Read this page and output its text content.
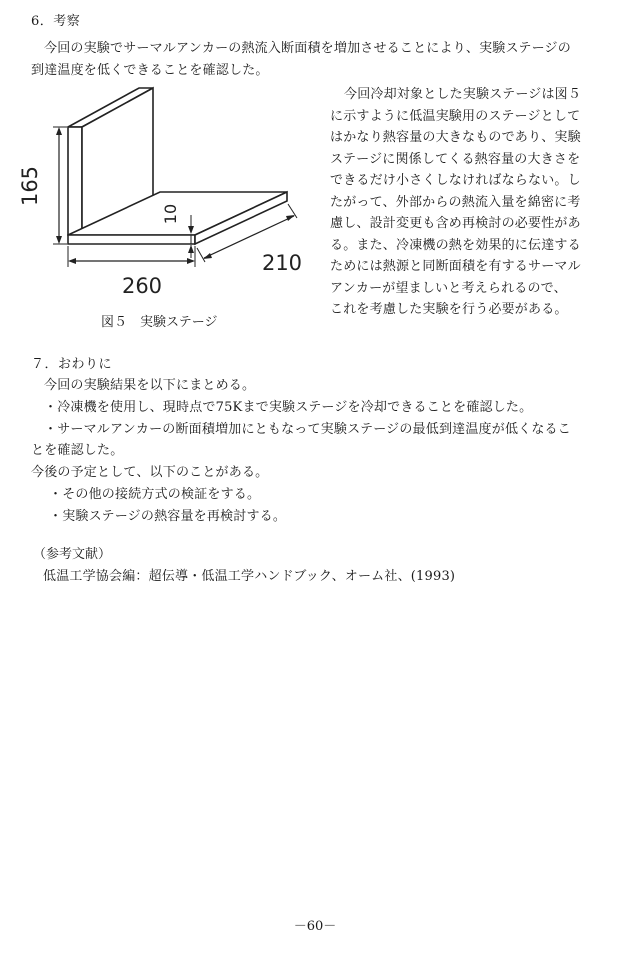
6．考察
今回の実験でサーマルアンカーの熱流入断面積を増加させることにより、実験ステージの
到達温度を低くできることを確認した。
165
10
260
210
図５　実験ステージ
今回冷却対象とした実験ステージは図５
に示すように低温実験用のステージとして
はかなり熱容量の大きなものであり、実験
ステージに関係してくる熱容量の大きさを
できるだけ小さくしなければならない。し
たがって、外部からの熱流入量を綿密に考
慮し、設計変更も含め再検討の必要性があ
る。また、冷凍機の熱を効果的に伝達する
ためには熱源と同断面積を有するサーマル
アンカーが望ましいと考えられるので、
これを考慮した実験を行う必要がある。
７．おわりに
今回の実験結果を以下にまとめる。
・冷凍機を使用し、現時点で75Kまで実験ステージを冷却できることを確認した。
・サーマルアンカーの断面積増加にともなって実験ステージの最低到達温度が低くなるこ
とを確認した。
今後の予定として、以下のことがある。
・その他の接続方式の検証をする。
・実験ステージの熱容量を再検討する。
（参考文献）
低温工学協会編：超伝導・低温工学ハンドブック、オーム社、(1993)
－60－
